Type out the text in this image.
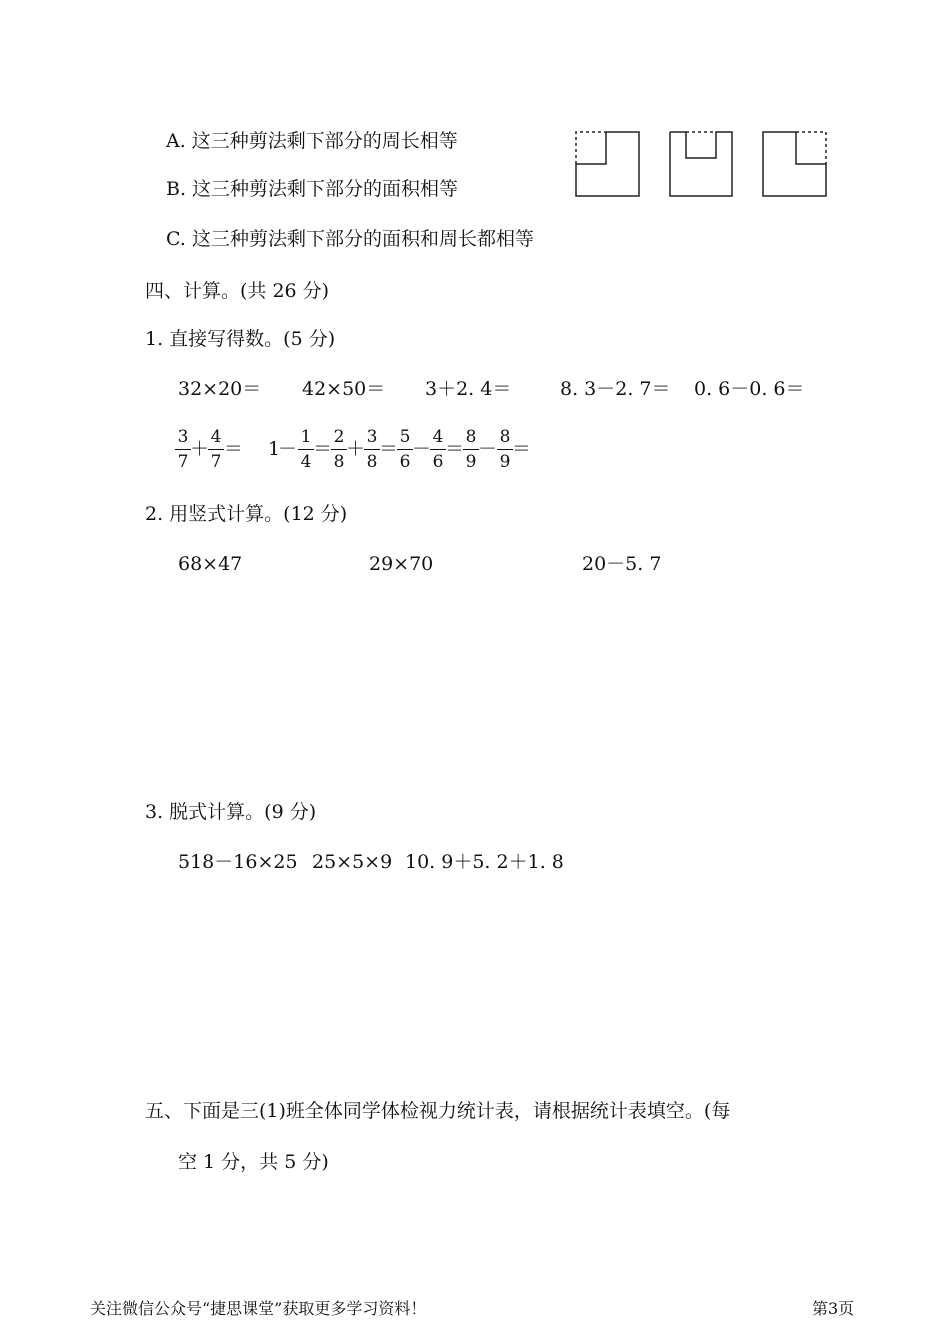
A. 这三种剪法剩下部分的周长相等
B. 这三种剪法剩下部分的面积相等
C. 这三种剪法剩下部分的面积和周长都相等
四、计算。(共 26 分)
1. 直接写得数。(5 分)
32×20＝ 42×50＝ 3＋2. 4＝	8. 3－2. 7＝ 0. 6－0. 6＝
3
7
＋
4
7
＝ 1
－
1
4
＝
2
8
＋
3
8
＝
5
6
－
4
6
＝
8
9
－
8
9
＝
2. 用竖式计算。(12 分)
68×47	29×70	20－5. 7
3. 脱式计算。(9 分)
518－16×25 25×5×9 10. 9＋5. 2＋1. 8
五、下面是三(1)班全体同学体检视力统计表，请根据统计表填空。(每
空 1 分，共 5 分)
关注微信公众号“捷思课堂”获取更多学习资料！	第3页
